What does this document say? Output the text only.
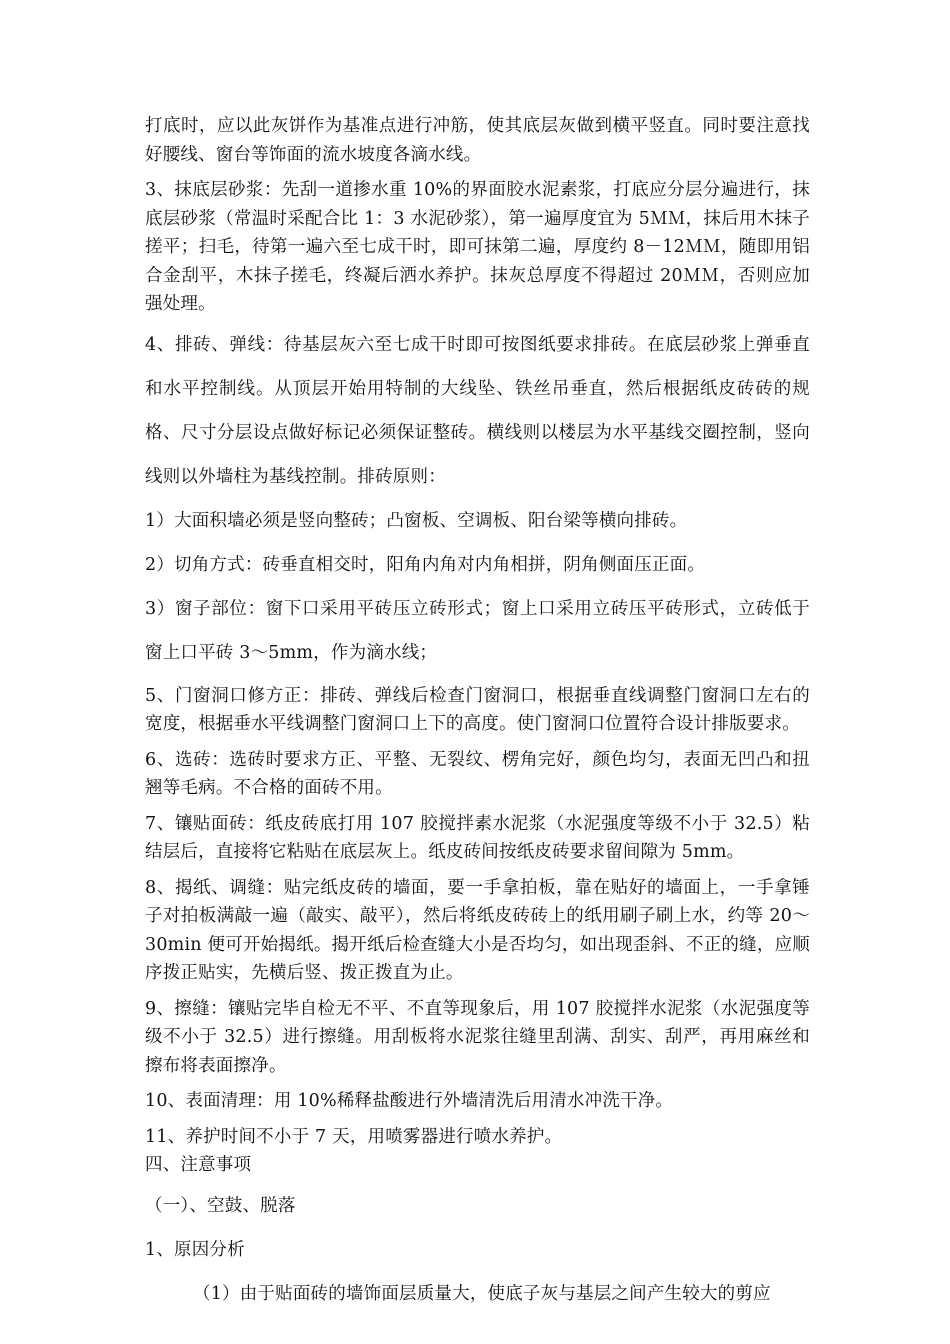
打底时，应以此灰饼作为基准点进行冲筋，使其底层灰做到横平竖直。同时要注意找好腰线、窗台等饰面的流水坡度各滴水线。

3、抹底层砂浆：先刮一道掺水重 10%的界面胶水泥素浆，打底应分层分遍进行，抹底层砂浆（常温时采配合比 1：3 水泥砂浆），第一遍厚度宜为 5ＭＭ，抹后用木抹子搓平；扫毛，待第一遍六至七成干时，即可抹第二遍，厚度约 8－12ＭＭ，随即用铝合金刮平，木抹子搓毛，终凝后洒水养护。抹灰总厚度不得超过 20ＭＭ，否则应加强处理。

4、排砖、弹线：待基层灰六至七成干时即可按图纸要求排砖。在底层砂浆上弹垂直和水平控制线。从顶层开始用特制的大线坠、铁丝吊垂直，然后根据纸皮砖砖的规格、尺寸分层设点做好标记必须保证整砖。横线则以楼层为水平基线交圈控制，竖向线则以外墙柱为基线控制。排砖原则：

1）大面积墙必须是竖向整砖；凸窗板、空调板、阳台梁等横向排砖。

2）切角方式：砖垂直相交时，阳角内角对内角相拼，阴角侧面压正面。

3）窗子部位：窗下口采用平砖压立砖形式；窗上口采用立砖压平砖形式，立砖低于窗上口平砖 3～5mm，作为滴水线；

5、门窗洞口修方正：排砖、弹线后检查门窗洞口，根据垂直线调整门窗洞口左右的宽度，根据垂水平线调整门窗洞口上下的高度。使门窗洞口位置符合设计排版要求。

6、选砖：选砖时要求方正、平整、无裂纹、楞角完好，颜色均匀，表面无凹凸和扭翘等毛病。不合格的面砖不用。

7、镶贴面砖：纸皮砖底打用 107 胶搅拌素水泥浆（水泥强度等级不小于 32.5）粘结层后，直接将它粘贴在底层灰上。纸皮砖间按纸皮砖要求留间隙为 5mm。

8、揭纸、调缝：贴完纸皮砖的墙面，要一手拿拍板，靠在贴好的墙面上，一手拿锤子对拍板满敲一遍（敲实、敲平），然后将纸皮砖砖上的纸用刷子刷上水，约等 20～30min 便可开始揭纸。揭开纸后检查缝大小是否均匀，如出现歪斜、不正的缝，应顺序拨正贴实，先横后竖、拨正拨直为止。

9、擦缝：镶贴完毕自检无不平、不直等现象后，用 107 胶搅拌水泥浆（水泥强度等级不小于 32.5）进行擦缝。用刮板将水泥浆往缝里刮满、刮实、刮严，再用麻丝和擦布将表面擦净。

10、表面清理：用 10%稀释盐酸进行外墙清洗后用清水冲洗干净。

11、养护时间不小于 7 天，用喷雾器进行喷水养护。

四、注意事项

（一）、空鼓、脱落

1、原因分析

（1）由于贴面砖的墙饰面层质量大，使底子灰与基层之间产生较大的剪应
